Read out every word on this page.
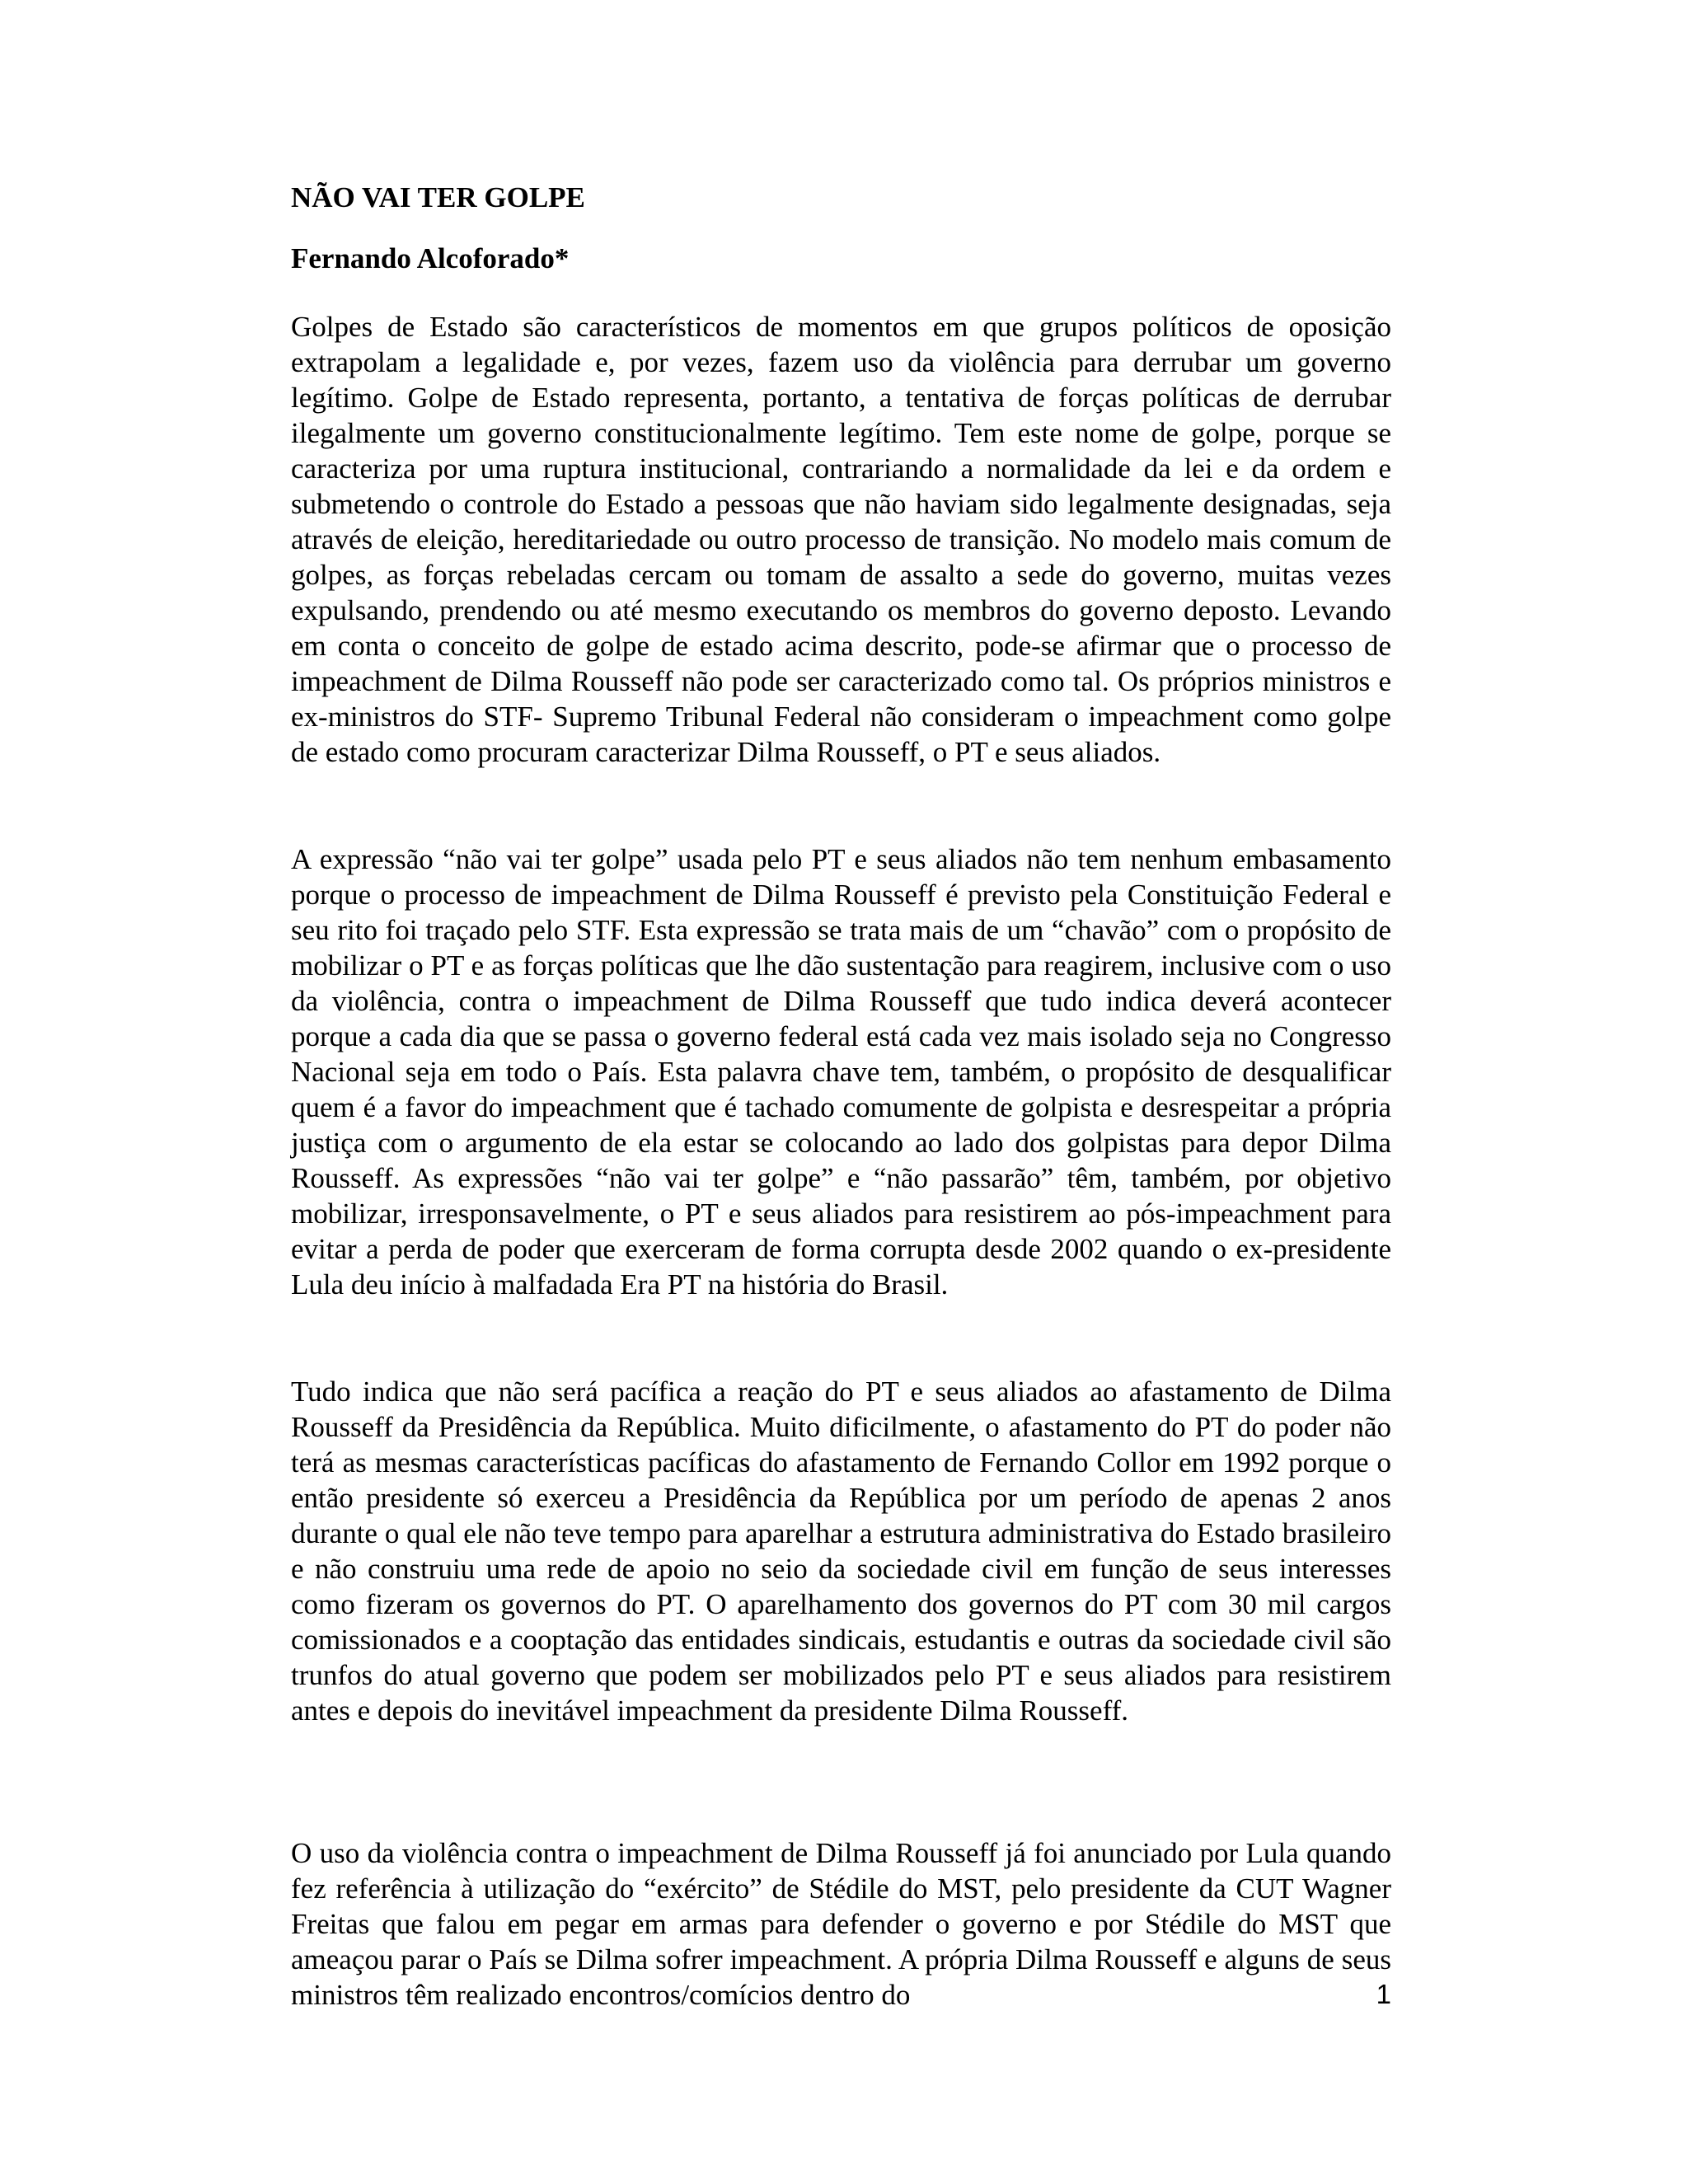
NÃO VAI TER GOLPE

Fernando Alcoforado*

Golpes de Estado são característicos de momentos em que grupos políticos de oposição extrapolam a legalidade e, por vezes, fazem uso da violência para derrubar um governo legítimo. Golpe de Estado representa, portanto, a tentativa de forças políticas de derrubar ilegalmente um governo constitucionalmente legítimo. Tem este nome de golpe, porque se caracteriza por uma ruptura institucional, contrariando a normalidade da lei e da ordem e submetendo o controle do Estado a pessoas que não haviam sido legalmente designadas, seja através de eleição, hereditariedade ou outro processo de transição. No modelo mais comum de golpes, as forças rebeladas cercam ou tomam de assalto a sede do governo, muitas vezes expulsando, prendendo ou até mesmo executando os membros do governo deposto. Levando em conta o conceito de golpe de estado acima descrito, pode-se afirmar que o processo de impeachment de Dilma Rousseff não pode ser caracterizado como tal. Os próprios ministros e ex-ministros do STF- Supremo Tribunal Federal não consideram o impeachment como golpe de estado como procuram caracterizar Dilma Rousseff, o PT e seus aliados.

A expressão “não vai ter golpe” usada pelo PT e seus aliados não tem nenhum embasamento porque o processo de impeachment de Dilma Rousseff é previsto pela Constituição Federal e seu rito foi traçado pelo STF. Esta expressão se trata mais de um “chavão” com o propósito de mobilizar o PT e as forças políticas que lhe dão sustentação para reagirem, inclusive com o uso da violência, contra o impeachment de Dilma Rousseff que tudo indica deverá acontecer porque a cada dia que se passa o governo federal está cada vez mais isolado seja no Congresso Nacional seja em todo o País. Esta palavra chave tem, também, o propósito de desqualificar quem é a favor do impeachment que é tachado comumente de golpista e desrespeitar a própria justiça com o argumento de ela estar se colocando ao lado dos golpistas para depor Dilma Rousseff. As expressões “não vai ter golpe” e “não passarão” têm, também, por objetivo mobilizar, irresponsavelmente, o PT e seus aliados para resistirem ao pós-impeachment para evitar a perda de poder que exerceram de forma corrupta desde 2002 quando o ex-presidente Lula deu início à malfadada Era PT na história do Brasil.

Tudo indica que não será pacífica a reação do PT e seus aliados ao afastamento de Dilma Rousseff da Presidência da República. Muito dificilmente, o afastamento do PT do poder não terá as mesmas características pacíficas do afastamento de Fernando Collor em 1992 porque o então presidente só exerceu a Presidência da República por um período de apenas 2 anos durante o qual ele não teve tempo para aparelhar a estrutura administrativa do Estado brasileiro e não construiu uma rede de apoio no seio da sociedade civil em função de seus interesses como fizeram os governos do PT. O aparelhamento dos governos do PT com 30 mil cargos comissionados e a cooptação das entidades sindicais, estudantis e outras da sociedade civil são trunfos do atual governo que podem ser mobilizados pelo PT e seus aliados para resistirem antes e depois do inevitável impeachment da presidente Dilma Rousseff.

O uso da violência contra o impeachment de Dilma Rousseff já foi anunciado por Lula quando fez referência à utilização do “exército” de Stédile do MST, pelo presidente da CUT Wagner Freitas que falou em pegar em armas para defender o governo e por Stédile do MST que ameaçou parar o País se Dilma sofrer impeachment. A própria Dilma Rousseff e alguns de seus ministros têm realizado encontros/comícios dentro do	1
